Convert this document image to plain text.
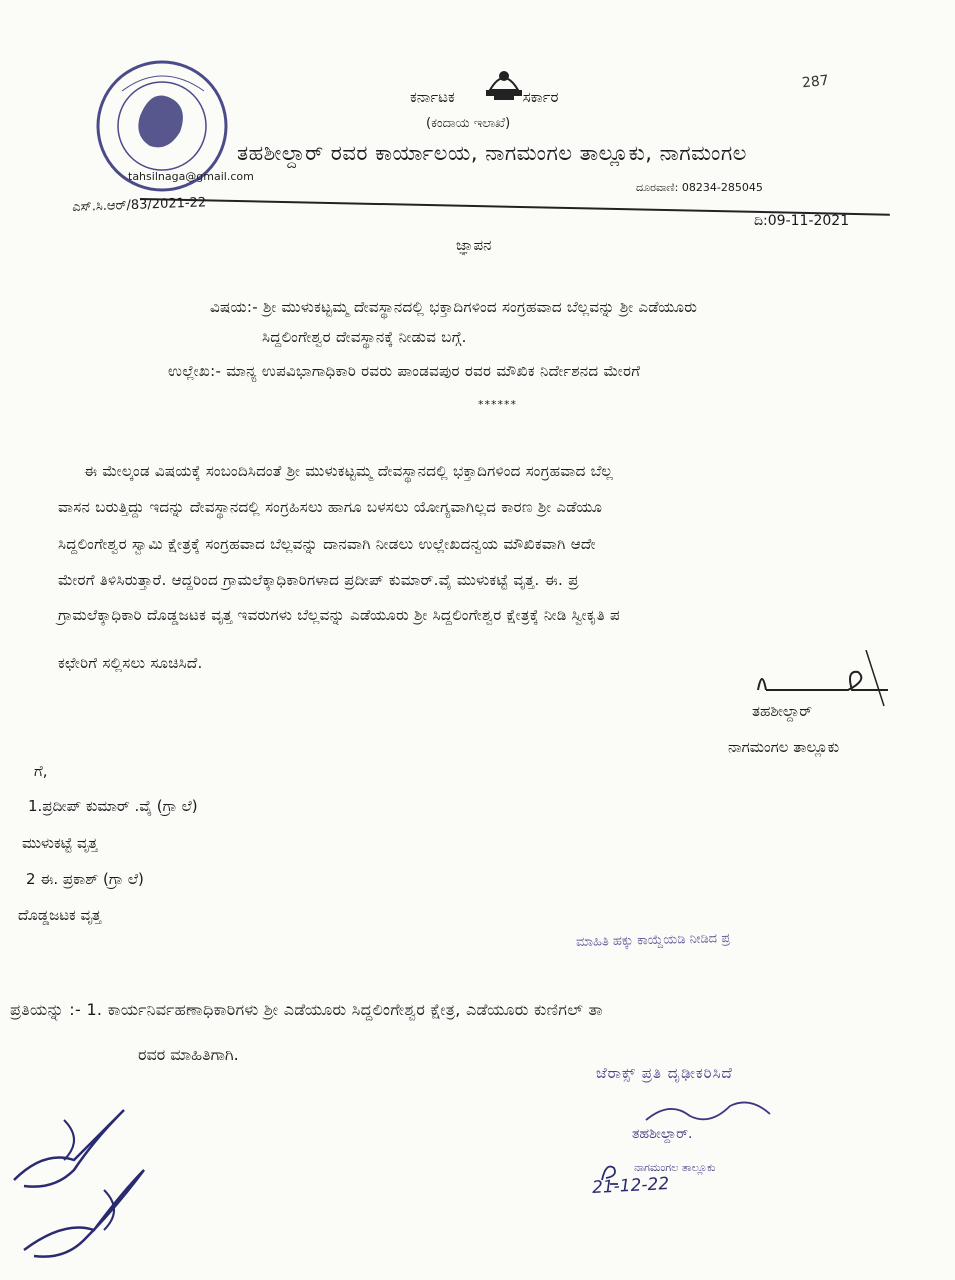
ಕರ್ನಾಟಕ	ಸರ್ಕಾರ
(ಕಂದಾಯ ಇಲಾಖೆ)
ತಹಶೀಲ್ದಾರ್ ರವರ ಕಾರ್ಯಾಲಯ, ನಾಗಮಂಗಲ ತಾಲ್ಲೂಕು, ನಾಗಮಂಗಲ
tahsilnaga@gmail.com
ದೂರವಾಣಿ: 08234-285045
287
ಎಸ್.ಸಿ.ಆರ್/83/2021-22
ದಿ:09-11-2021
ಜ್ಞಾಪನ
ವಿಷಯ:- ಶ್ರೀ ಮುಳುಕಟ್ಟಮ್ಮ ದೇವಸ್ಥಾನದಲ್ಲಿ ಭಕ್ತಾದಿಗಳಿಂದ ಸಂಗ್ರಹವಾದ ಬೆಲ್ಲವನ್ನು ಶ್ರೀ ಎಡೆಯೂರು
ಸಿದ್ದಲಿಂಗೇಶ್ವರ ದೇವಸ್ಥಾನಕ್ಕೆ ನೀಡುವ ಬಗ್ಗೆ.
ಉಲ್ಲೇಖ:- ಮಾನ್ಯ ಉಪವಿಭಾಗಾಧಿಕಾರಿ ರವರು ಪಾಂಡವಪುರ ರವರ ಮೌಖಿಕ ನಿರ್ದೇಶನದ ಮೇರಗೆ
******
ಈ ಮೇಲ್ಕಂಡ ವಿಷಯಕ್ಕೆ ಸಂಬಂದಿಸಿದಂತೆ ಶ್ರೀ ಮುಳುಕಟ್ಟಮ್ಮ ದೇವಸ್ಥಾನದಲ್ಲಿ ಭಕ್ತಾದಿಗಳಿಂದ ಸಂಗ್ರಹವಾದ ಬೆಲ್ಲ
ವಾಸನ ಬರುತ್ತಿದ್ದು ಇದನ್ನು ದೇವಸ್ಥಾನದಲ್ಲಿ ಸಂಗ್ರಹಿಸಲು ಹಾಗೂ ಬಳಸಲು ಯೋಗ್ಯವಾಗಿಲ್ಲದ ಕಾರಣ ಶ್ರೀ ಎಡೆಯೂ
ಸಿದ್ದಲಿಂಗೇಶ್ವರ ಸ್ವಾಮಿ ಕ್ಷೇತ್ರಕ್ಕೆ ಸಂಗ್ರಹವಾದ ಬೆಲ್ಲವನ್ನು ದಾನವಾಗಿ ನೀಡಲು ಉಲ್ಲೇಖದನ್ವಯ ಮೌಖಿಕವಾಗಿ ಆದೇ
ಮೇರಗೆ ತಿಳಿಸಿರುತ್ತಾರೆ. ಆದ್ದರಿಂದ ಗ್ರಾಮಲೆಕ್ಕಾಧಿಕಾರಿಗಳಾದ ಪ್ರದೀಪ್ ಕುಮಾರ್.ವೈ ಮುಳುಕಟ್ಟೆ ವೃತ್ತ. ಈ. ಪ್ರ
ಗ್ರಾಮಲೆಕ್ಕಾಧಿಕಾರಿ ದೊಡ್ಡಜಟಕ ವೃತ್ತ ಇವರುಗಳು ಬೆಲ್ಲವನ್ನು ಎಡೆಯೂರು ಶ್ರೀ ಸಿದ್ದಲಿಂಗೇಶ್ವರ ಕ್ಷೇತ್ರಕ್ಕೆ ನೀಡಿ ಸ್ವೀಕೃತಿ ಪ
ಕಛೇರಿಗೆ ಸಲ್ಲಿಸಲು ಸೂಚಿಸಿದೆ.
ತಹಶೀಲ್ದಾರ್
ನಾಗಮಂಗಲ ತಾಲ್ಲೂಕು
ಗೆ,
1.ಪ್ರದೀಪ್ ಕುಮಾರ್ .ವೈ (ಗ್ರಾ ಲೆ)
ಮುಳುಕಟ್ಟೆ ವೃತ್ತ
2 ಈ. ಪ್ರಕಾಶ್ (ಗ್ರಾ ಲೆ)
ದೊಡ್ಡಜಟಕ ವೃತ್ತ
ಮಾಹಿತಿ ಹಕ್ಕು ಕಾಯ್ದೆಯಡಿ ನೀಡಿದ ಪ್ರ
ಪ್ರತಿಯನ್ನು :- 1. ಕಾರ್ಯನಿರ್ವಹಣಾಧಿಕಾರಿಗಳು ಶ್ರೀ ಎಡೆಯೂರು ಸಿದ್ದಲಿಂಗೇಶ್ವರ ಕ್ಷೇತ್ರ, ಎಡೆಯೂರು ಕುಣಿಗಲ್ ತಾ
ರವರ ಮಾಹಿತಿಗಾಗಿ.
ಜೆರಾಕ್ಸ್ ಪ್ರತಿ ದೃಢೀಕರಿಸಿದೆ
ತಹಶೀಲ್ದಾರ್.
ನಾಗಮಂಗಲ ತಾಲ್ಲೂಕು
21-12-22
